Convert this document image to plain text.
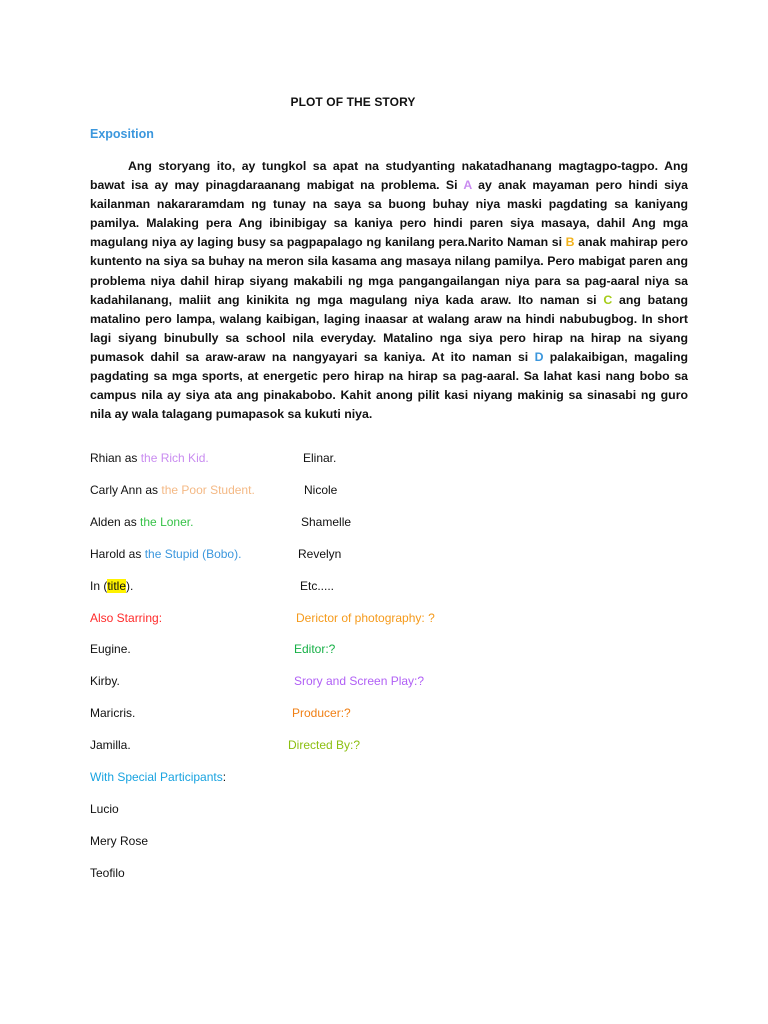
PLOT OF THE STORY
Exposition
Ang storyang ito, ay tungkol sa apat na studyanting nakatadhanang magtagpo-tagpo. Ang bawat isa ay may pinagdaraanang mabigat na problema. Si A ay anak mayaman pero hindi siya kailanman nakararamdam ng tunay na saya sa buong buhay niya maski pagdating sa kaniyang pamilya. Malaking pera Ang ibinibigay sa kaniya pero hindi paren siya masaya, dahil Ang mga magulang niya ay laging busy sa pagpapalago ng kanilang pera.Narito Naman si B anak mahirap pero kuntento na siya sa buhay na meron sila kasama ang masaya nilang pamilya. Pero mabigat paren ang problema niya dahil hirap siyang makabili ng mga pangangailangan niya para sa pag-aaral niya sa kadahilanang, maliit ang kinikita ng mga magulang niya kada araw. Ito naman si C ang batang matalino pero lampa, walang kaibigan, laging inaasar at walang araw na hindi nabubugbog. In short lagi siyang binubully sa school nila everyday. Matalino nga siya pero hirap na hirap na siyang pumasok dahil sa araw-araw na nangyayari sa kaniya. At ito naman si D palakaibigan, magaling pagdating sa mga sports, at energetic pero hirap na hirap sa pag-aaral. Sa lahat kasi nang bobo sa campus nila ay siya ata ang pinakabobo. Kahit anong pilit kasi niyang makinig sa sinasabi ng guro nila ay wala talagang pumapasok sa kukuti niya.
Rhian as the Rich Kid.
Carly Ann as the Poor Student.
Alden as the Loner.
Harold as the Stupid (Bobo).
In (title).
Elinar.
Nicole
Shamelle
Revelyn
Etc.....
Also Starring:
Eugine.
Kirby.
Maricris.
Jamilla.
Derictor of photography: ?
Editor:?
Srory and Screen Play:?
Producer:?
Directed By:?
With Special Participants:
Lucio
Mery Rose
Teofilo
